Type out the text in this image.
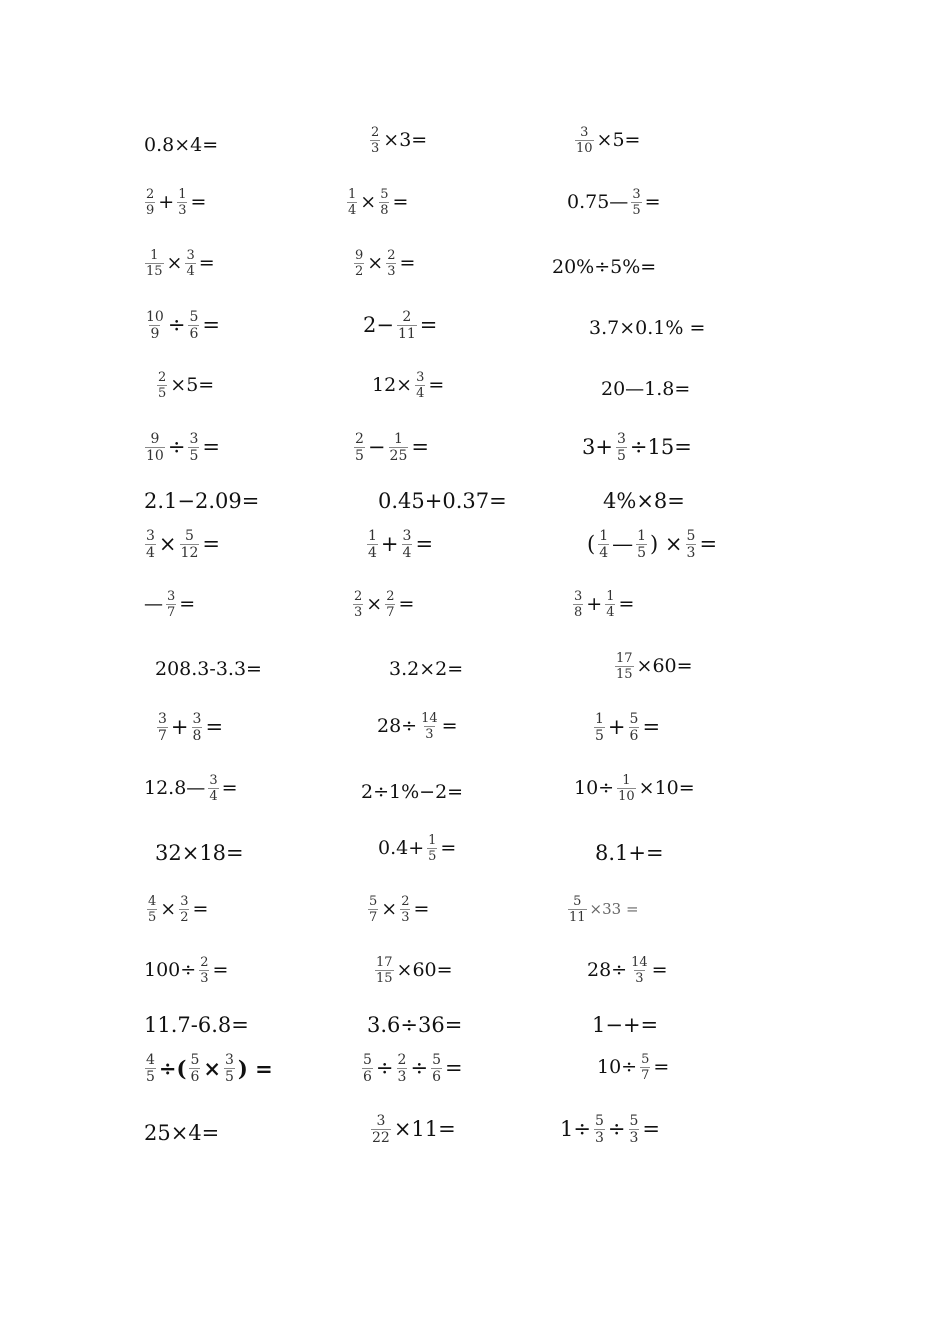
0.8×4=	$\frac{2}{3} \times 3=$	$\frac{3}{10} \times 5=$
$\frac{2}{9} + \frac{1}{3}$ =	$\frac{1}{4} \times \frac{5}{8}$ =	0.75— $\frac{3}{5}$ =
$\frac{1}{15} \times \frac{3}{4}$ =	$\frac{9}{2} \times \frac{2}{3}$ =	20%÷5%=
$\frac{10}{9} \div \frac{5}{6}$ =	$2- \frac{2}{11}$ =	3.7×0.1% =
$\frac{2}{5} \times 5=$	$12\times \frac{3}{4}$ =	20—1.8=
$\frac{9}{10} \div \frac{3}{5}$ =	$\frac{2}{5} - \frac{1}{25}$ =	$3+ \frac{3}{5} \div 15=$
2.1−2.09=	0.45+0.37=	4%×8=
$\frac{3}{4} \times \frac{5}{12}$ =	$\frac{1}{4} + \frac{3}{4}$ =	( $\frac{1}{4}$ — $\frac{1}{5}$ ) × $\frac{5}{3}$ =
— $\frac{3}{7}$ =	$\frac{2}{3} \times \frac{2}{7}$ =	$\frac{3}{8} + \frac{1}{4}$ =
208.3-3.3=	3.2×2=	$\frac{17}{15} \times 60=$
$\frac{3}{7} + \frac{3}{8}$ =	$28\div \frac{14}{3}$ =	$\frac{1}{5} + \frac{5}{6}$ =
12.8— $\frac{3}{4}$ =	2÷1%−2=	$10\div \frac{1}{10} \times 10=$
32×18=	$0.4+ \frac{1}{5}$ =	8.1+=
$\frac{4}{5} \times \frac{3}{2}$ =	$\frac{5}{7} \times \frac{2}{3}$ =	$\frac{5}{11} \times 33$ =
$100\div \frac{2}{3}$ =	$\frac{17}{15} \times 60=$	$28\div \frac{14}{3}$ =
11.7-6.8=	3.6÷36=	1−+=
$\frac{4}{5}$ ÷( $\frac{5}{6} \times \frac{3}{5}$ ) =	$\frac{5}{6} \div \frac{2}{3} \div \frac{5}{6}$ =	$10\div \frac{5}{7}$ =
25×4=	$\frac{3}{22} \times 11=$	$1\div \frac{5}{3} \div \frac{5}{3}$ =
